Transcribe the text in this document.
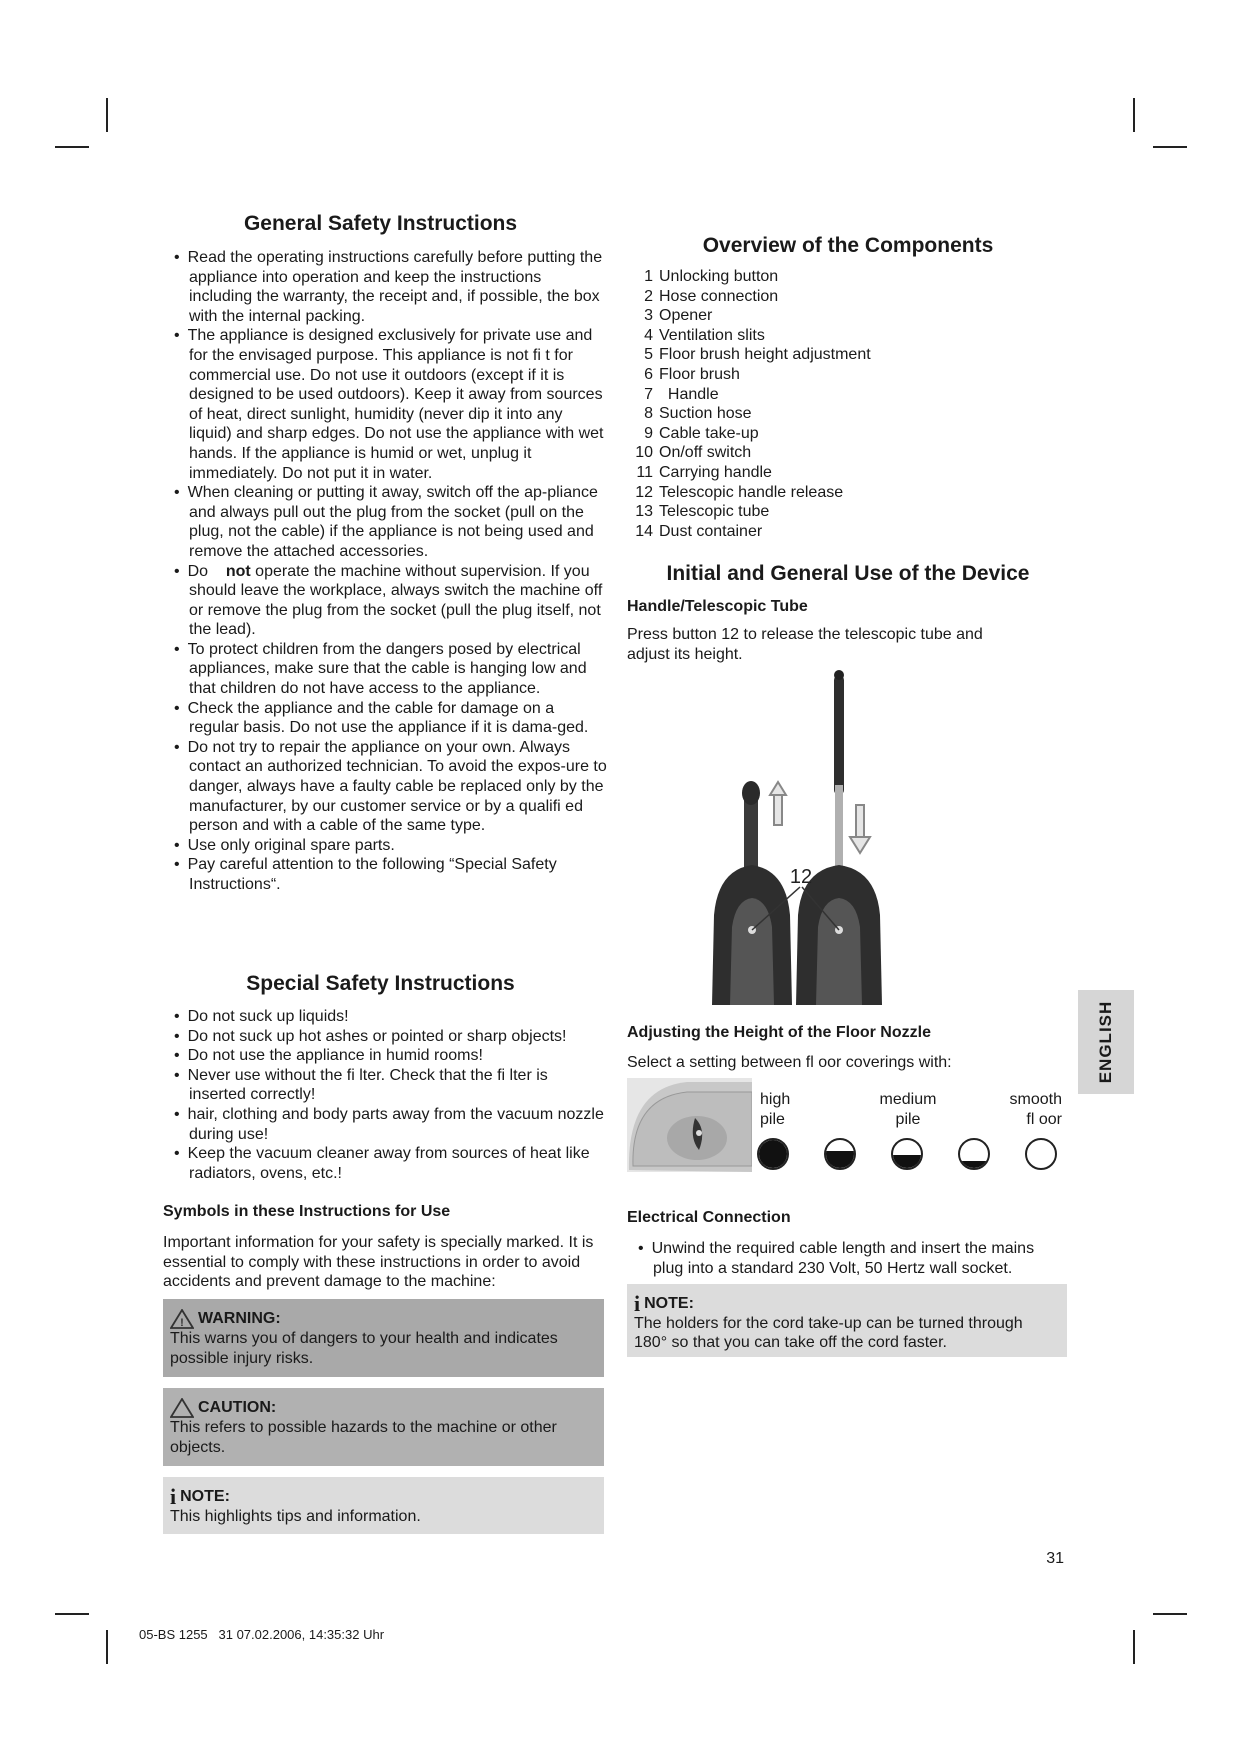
General Safety Instructions
• Read the operating instructions carefully before putting the appliance into operation and keep the instructions including the warranty, the receipt and, if possible, the box with the internal packing.
• The appliance is designed exclusively for private use and for the envisaged purpose. This appliance is not fi t for commercial use. Do not use it outdoors (except if it is designed to be used outdoors). Keep it away from sources of heat, direct sunlight, humidity (never dip it into any liquid) and sharp edges. Do not use the appliance with wet hands. If the appliance is humid or wet, unplug it immediately. Do not put it in water.
• When cleaning or putting it away, switch off the ap-pliance and always pull out the plug from the socket (pull on the plug, not the cable) if the appliance is not being used and remove the attached accessories.
• Do not operate the machine without supervision. If you should leave the workplace, always switch the machine off or remove the plug from the socket (pull the plug itself, not the lead).
• To protect children from the dangers posed by electrical appliances, make sure that the cable is hanging low and that children do not have access to the appliance.
• Check the appliance and the cable for damage on a regular basis. Do not use the appliance if it is dama-ged.
• Do not try to repair the appliance on your own. Always contact an authorized technician. To avoid the expos-ure to danger, always have a faulty cable be replaced only by the manufacturer, by our customer service or by a qualifi ed person and with a cable of the same type.
• Use only original spare parts.
• Pay careful attention to the following “Special Safety Instructions“.
Special Safety Instructions
• Do not suck up liquids!
• Do not suck up hot ashes or pointed or sharp objects!
• Do not use the appliance in humid rooms!
• Never use without the fi lter. Check that the fi lter is inserted correctly!
• hair, clothing and body parts away from the vacuum nozzle during use!
• Keep the vacuum cleaner away from sources of heat like radiators, ovens, etc.!
Symbols in these Instructions for Use
Important information for your safety is specially marked. It is essential to comply with these instructions in order to avoid accidents and prevent damage to the machine:
! WARNING:
This warns you of dangers to your health and indicates possible injury risks.
CAUTION:
This refers to possible hazards to the machine or other objects.
i NOTE:
This highlights tips and information.
Overview of the Components
1 Unlocking button
2 Hose connection
3 Opener
4 Ventilation slits
5 Floor brush height adjustment
6 Floor brush
7  Handle
8 Suction hose
9 Cable take-up
10 On/off switch
11 Carrying handle
12 Telescopic handle release
13 Telescopic tube
14 Dust container
Initial and General Use of the Device
Handle/Telescopic Tube
Press button 12 to release the telescopic tube and adjust its height.
12
Adjusting the Height of the Floor Nozzle
Select a setting between fl oor coverings with:
high pile
medium pile
smooth fl oor
Electrical Connection
• Unwind the required cable length and insert the mains plug into a standard 230 Volt, 50 Hertz wall socket.
i NOTE:
The holders for the cord take-up can be turned through 180° so that you can take off the cord faster.
ENGLISH
31
05-BS 1255   31 07.02.2006, 14:35:32 Uhr
